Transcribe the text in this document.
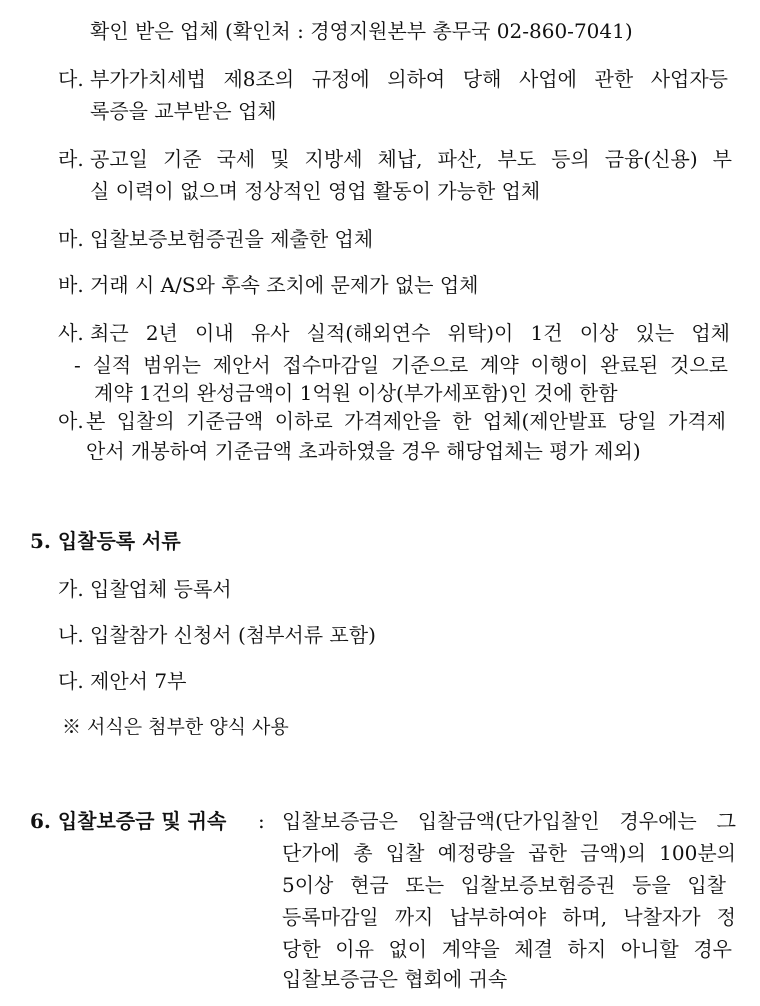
확인 받은 업체 (확인처 : 경영지원본부 총무국 02-860-7041)
다. 부가가치세법 제8조의 규정에 의하여 당해 사업에 관한 사업자등
록증을 교부받은 업체
라. 공고일 기준 국세 및 지방세 체납, 파산, 부도 등의 금융(신용) 부
실 이력이 없으며 정상적인 영업 활동이 가능한 업체
마. 입찰보증보험증권을 제출한 업체
바. 거래 시 A/S와 후속 조치에 문제가 없는 업체
사. 최근 2년 이내 유사 실적(해외연수 위탁)이 1건 이상 있는 업체
- 실적 범위는 제안서 접수마감일 기준으로 계약 이행이 완료된 것으로
계약 1건의 완성금액이 1억원 이상(부가세포함)인 것에 한함
아. 본 입찰의 기준금액 이하로 가격제안을 한 업체(제안발표 당일 가격제
안서 개봉하여 기준금액 초과하였을 경우 해당업체는 평가 제외)
5. 입찰등록 서류
가. 입찰업체 등록서
나. 입찰참가 신청서 (첨부서류 포함)
다. 제안서 7부
※ 서식은 첨부한 양식 사용
6. 입찰보증금 및 귀속 : 입찰보증금은 입찰금액(단가입찰인 경우에는 그
단가에 총 입찰 예정량을 곱한 금액)의 100분의
5이상 현금 또는 입찰보증보험증권 등을 입찰
등록마감일 까지 납부하여야 하며, 낙찰자가 정
당한 이유 없이 계약을 체결 하지 아니할 경우
입찰보증금은 협회에 귀속
